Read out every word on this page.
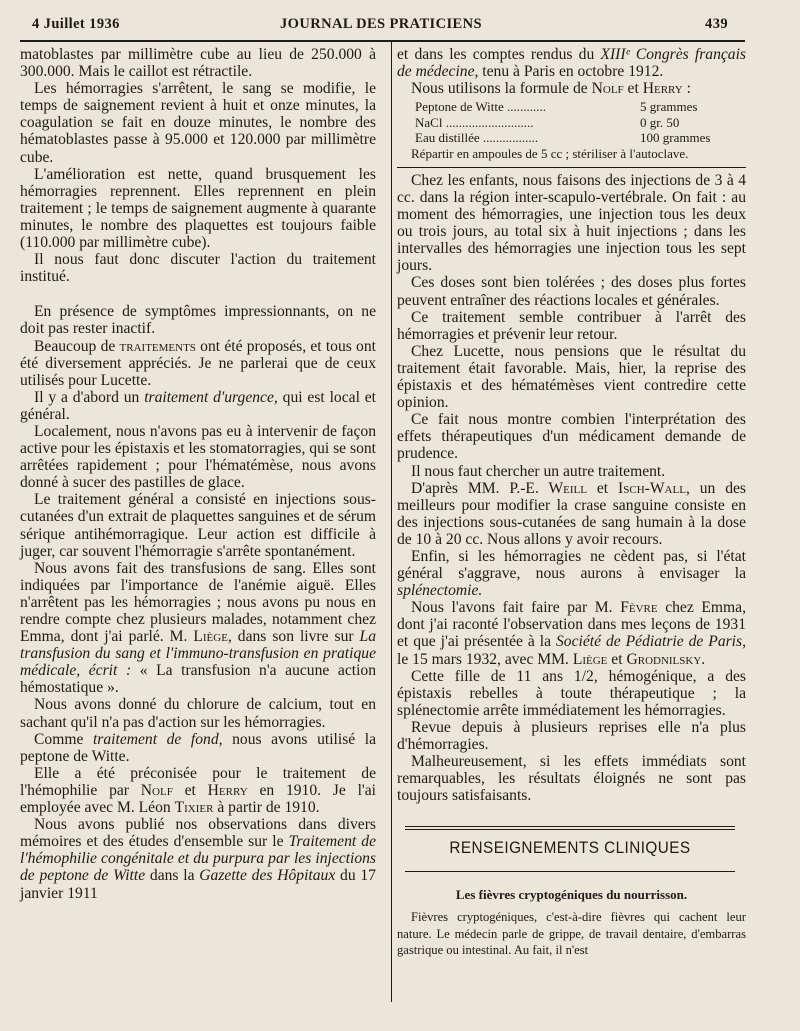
4 Juillet 1936	JOURNAL DES PRATICIENS	439

matoblastes par millimètre cube au lieu de 250.000 à 300.000. Mais le caillot est rétractile.

Les hémorragies s'arrêtent, le sang se modifie, le temps de saignement revient à huit et onze minutes, la coagulation se fait en douze minutes, le nombre des hématoblastes passe à 95.000 et 120.000 par millimètre cube.

L'amélioration est nette, quand brusquement les hémorragies reprennent. Elles reprennent en plein traitement ; le temps de saignement augmente à quarante minutes, le nombre des plaquettes est toujours faible (110.000 par millimètre cube).

Il nous faut donc discuter l'action du traitement institué.

En présence de symptômes impressionnants, on ne doit pas rester inactif.

Beaucoup de traitements ont été proposés, et tous ont été diversement appréciés. Je ne parlerai que de ceux utilisés pour Lucette.

Il y a d'abord un traitement d'urgence, qui est local et général.

Localement, nous n'avons pas eu à intervenir de façon active pour les épistaxis et les stomatorragies, qui se sont arrêtées rapidement ; pour l'hématémèse, nous avons donné à sucer des pastilles de glace.

Le traitement général a consisté en injections sous-cutanées d'un extrait de plaquettes sanguines et de sérum sérique antihémorragique. Leur action est difficile à juger, car souvent l'hémorragie s'arrête spontanément.

Nous avons fait des transfusions de sang. Elles sont indiquées par l'importance de l'anémie aiguë. Elles n'arrêtent pas les hémorragies ; nous avons pu nous en rendre compte chez plusieurs malades, notamment chez Emma, dont j'ai parlé. M. Liège, dans son livre sur La transfusion du sang et l'immuno-transfusion en pratique médicale, écrit : « La transfusion n'a aucune action hémostatique ».

Nous avons donné du chlorure de calcium, tout en sachant qu'il n'a pas d'action sur les hémorragies.

Comme traitement de fond, nous avons utilisé la peptone de Witte.

Elle a été préconisée pour le traitement de l'hémophilie par Nolf et Herry en 1910. Je l'ai employée avec M. Léon Tixier à partir de 1910.

Nous avons publié nos observations dans divers mémoires et des études d'ensemble sur le Traitement de l'hémophilie congénitale et du purpura par les injections de peptone de Witte dans la Gazette des Hôpitaux du 17 janvier 1911

et dans les comptes rendus du XIIIᵉ Congrès français de médecine, tenu à Paris en octobre 1912.

Nous utilisons la formule de Nolf et Herry :

Peptone de Witte ............	5 grammes
NaCl ...........................	0 gr. 50
Eau distillée .................	100 grammes
Répartir en ampoules de 5 cc ; stériliser à l'autoclave.

Chez les enfants, nous faisons des injections de 3 à 4 cc. dans la région inter-scapulo-vertébrale. On fait : au moment des hémorragies, une injection tous les deux ou trois jours, au total six à huit injections ; dans les intervalles des hémorragies une injection tous les sept jours.

Ces doses sont bien tolérées ; des doses plus fortes peuvent entraîner des réactions locales et générales.

Ce traitement semble contribuer à l'arrêt des hémorragies et prévenir leur retour.

Chez Lucette, nous pensions que le résultat du traitement était favorable. Mais, hier, la reprise des épistaxis et des hématémèses vient contredire cette opinion.

Ce fait nous montre combien l'interprétation des effets thérapeutiques d'un médicament demande de prudence.

Il nous faut chercher un autre traitement.

D'après MM. P.-E. Weill et Isch-Wall, un des meilleurs pour modifier la crase sanguine consiste en des injections sous-cutanées de sang humain à la dose de 10 à 20 cc. Nous allons y avoir recours.

Enfin, si les hémorragies ne cèdent pas, si l'état général s'aggrave, nous aurons à envisager la splénectomie.

Nous l'avons fait faire par M. Fèvre chez Emma, dont j'ai raconté l'observation dans mes leçons de 1931 et que j'ai présentée à la Société de Pédiatrie de Paris, le 15 mars 1932, avec MM. Liège et Grodnilsky.

Cette fille de 11 ans 1/2, hémogénique, a des épistaxis rebelles à toute thérapeutique ; la splénectomie arrête immédiatement les hémorragies.

Revue depuis à plusieurs reprises elle n'a plus d'hémorragies.

Malheureusement, si les effets immédiats sont remarquables, les résultats éloignés ne sont pas toujours satisfaisants.

RENSEIGNEMENTS CLINIQUES
Les fièvres cryptogéniques du nourrisson.

Fièvres cryptogéniques, c'est-à-dire fièvres qui cachent leur nature. Le médecin parle de grippe, de travail dentaire, d'embarras gastrique ou intestinal. Au fait, il n'est
